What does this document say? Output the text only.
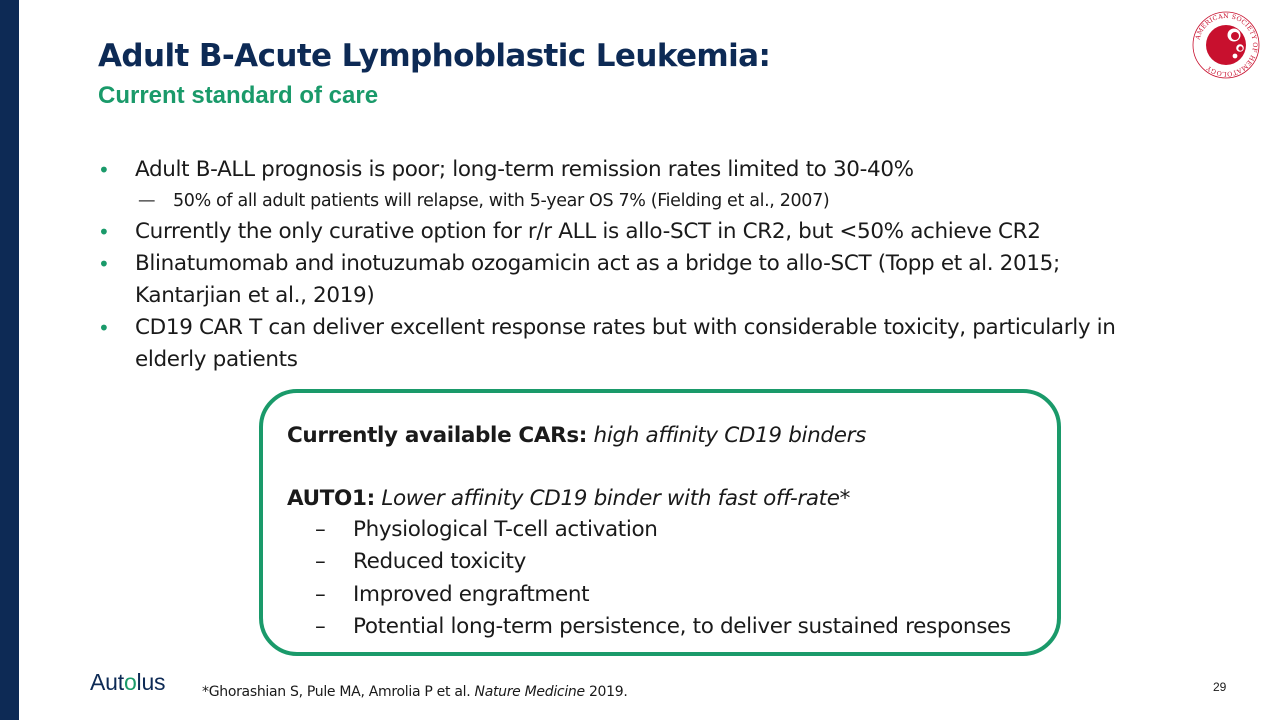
Adult B-Acute Lymphoblastic Leukemia:
Current standard of care
AMERICAN SOCIETY OF HEMATOLOGY
• Adult B-ALL prognosis is poor; long-term remission rates limited to 30-40%
— 50% of all adult patients will relapse, with 5-year OS 7% (Fielding et al., 2007)
• Currently the only curative option for r/r ALL is allo-SCT in CR2, but <50% achieve CR2
• Blinatumomab and inotuzumab ozogamicin act as a bridge to allo-SCT (Topp et al. 2015;
Kantarjian et al., 2019)
• CD19 CAR T can deliver excellent response rates but with considerable toxicity, particularly in
elderly patients
Currently available CARs: high affinity CD19 binders
AUTO1: Lower affinity CD19 binder with fast off-rate*
– Physiological T-cell activation
– Reduced toxicity
– Improved engraftment
– Potential long-term persistence, to deliver sustained responses
Autolus	*Ghorashian S, Pule MA, Amrolia P et al. Nature Medicine 2019.	29
